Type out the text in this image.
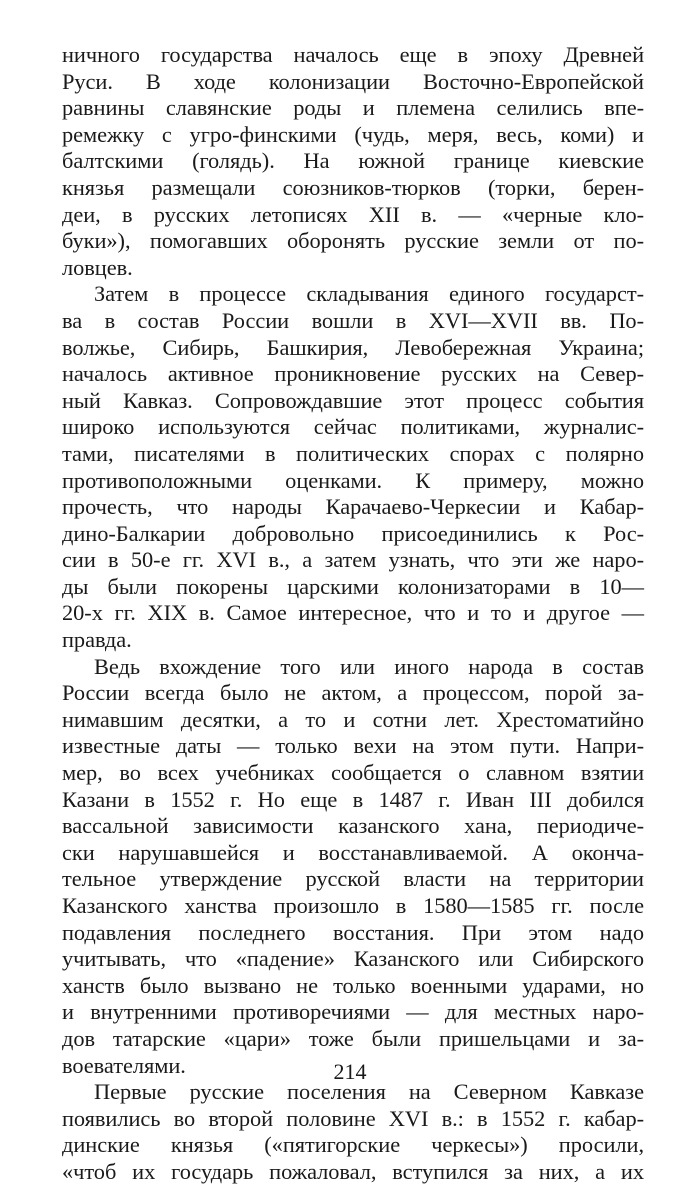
ничного государства началось еще в эпоху Древней
Руси. В ходе колонизации Восточно-Европейской
равнины славянские роды и племена селились впе-
ремежку с угро-финскими (чудь, меря, весь, коми) и
балтскими (голядь). На южной границе киевские
князья размещали союзников-тюрков (торки, берен-
деи, в русских летописях XII в. — «черные кло-
буки»), помогавших оборонять русские земли от по-
ловцев.
Затем в процессе складывания единого государст-
ва в состав России вошли в XVI—XVII вв. По-
волжье, Сибирь, Башкирия, Левобережная Украина;
началось активное проникновение русских на Север-
ный Кавказ. Сопровождавшие этот процесс события
широко используются сейчас политиками, журналис-
тами, писателями в политических спорах с полярно
противоположными оценками. К примеру, можно
прочесть, что народы Карачаево-Черкесии и Кабар-
дино-Балкарии добровольно присоединились к Рос-
сии в 50-е гг. XVI в., а затем узнать, что эти же наро-
ды были покорены царскими колонизаторами в 10—
20-х гг. XIX в. Самое интересное, что и то и другое —
правда.
Ведь вхождение того или иного народа в состав
России всегда было не актом, а процессом, порой за-
нимавшим десятки, а то и сотни лет. Хрестоматийно
известные даты — только вехи на этом пути. Напри-
мер, во всех учебниках сообщается о славном взятии
Казани в 1552 г. Но еще в 1487 г. Иван III добился
вассальной зависимости казанского хана, периодиче-
ски нарушавшейся и восстанавливаемой. А оконча-
тельное утверждение русской власти на территории
Казанского ханства произошло в 1580—1585 гг. после
подавления последнего восстания. При этом надо
учитывать, что «падение» Казанского или Сибирского
ханств было вызвано не только военными ударами, но
и внутренними противоречиями — для местных наро-
дов татарские «цари» тоже были пришельцами и за-
воевателями.
Первые русские поселения на Северном Кавказе
появились во второй половине XVI в.: в 1552 г. кабар-
динские князья («пятигорские черкесы») просили,
«чтоб их государь пожаловал, вступился за них, а их
214
